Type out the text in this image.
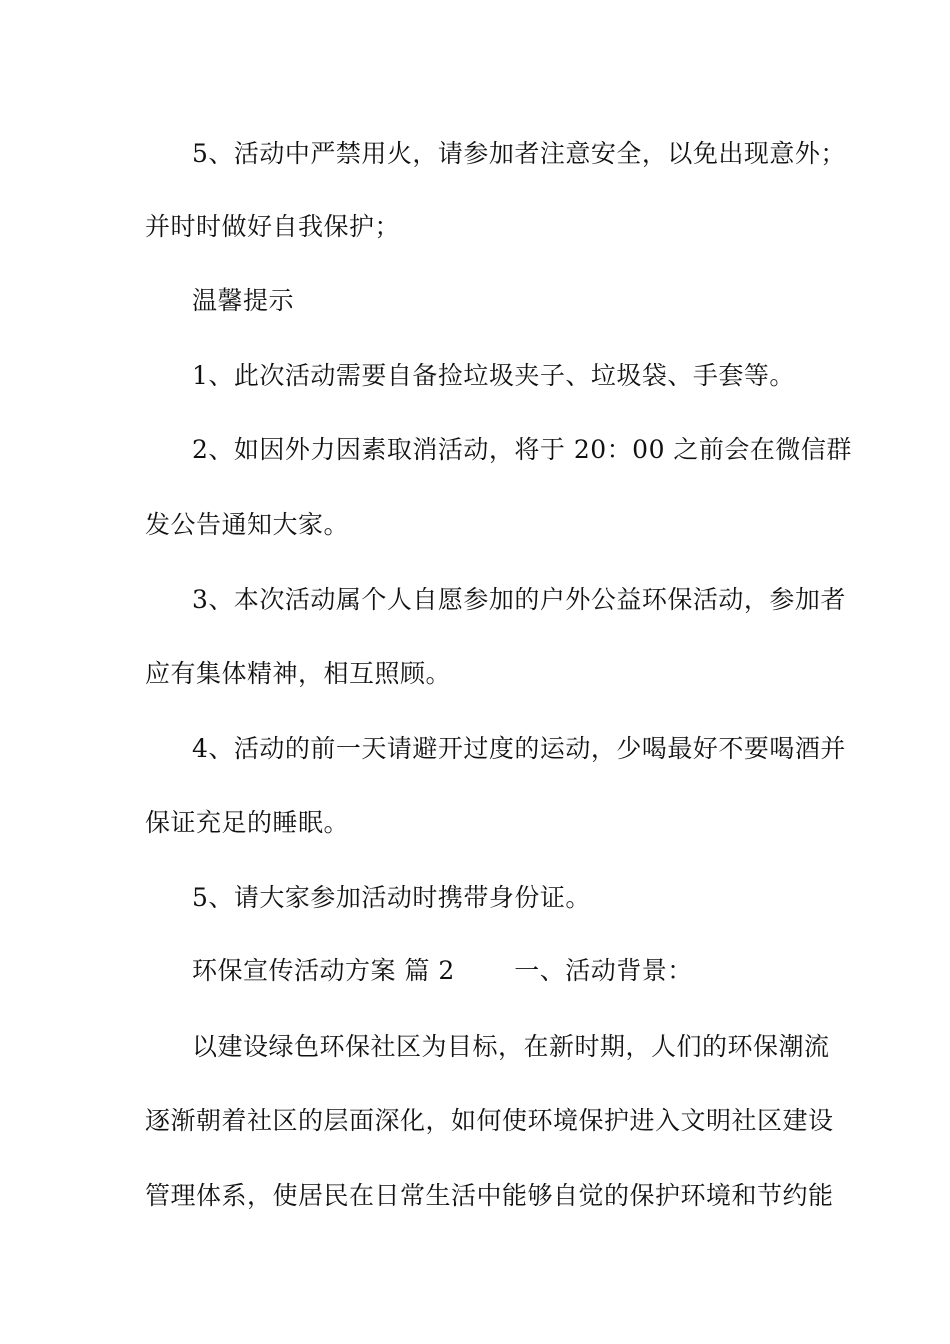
5、活动中严禁用火，请参加者注意安全，以免出现意外；
并时时做好自我保护；
温馨提示
1、此次活动需要自备捡垃圾夹子、垃圾袋、手套等。
2、如因外力因素取消活动，将于 20：00 之前会在微信群
发公告通知大家。
3、本次活动属个人自愿参加的户外公益环保活动，参加者
应有集体精神，相互照顾。
4、活动的前一天请避开过度的运动，少喝最好不要喝酒并
保证充足的睡眠。
5、请大家参加活动时携带身份证。
环保宣传活动方案 篇 2　　 一、活动背景：
以建设绿色环保社区为目标，在新时期，人们的环保潮流
逐渐朝着社区的层面深化，如何使环境保护进入文明社区建设
管理体系，使居民在日常生活中能够自觉的保护环境和节约能
